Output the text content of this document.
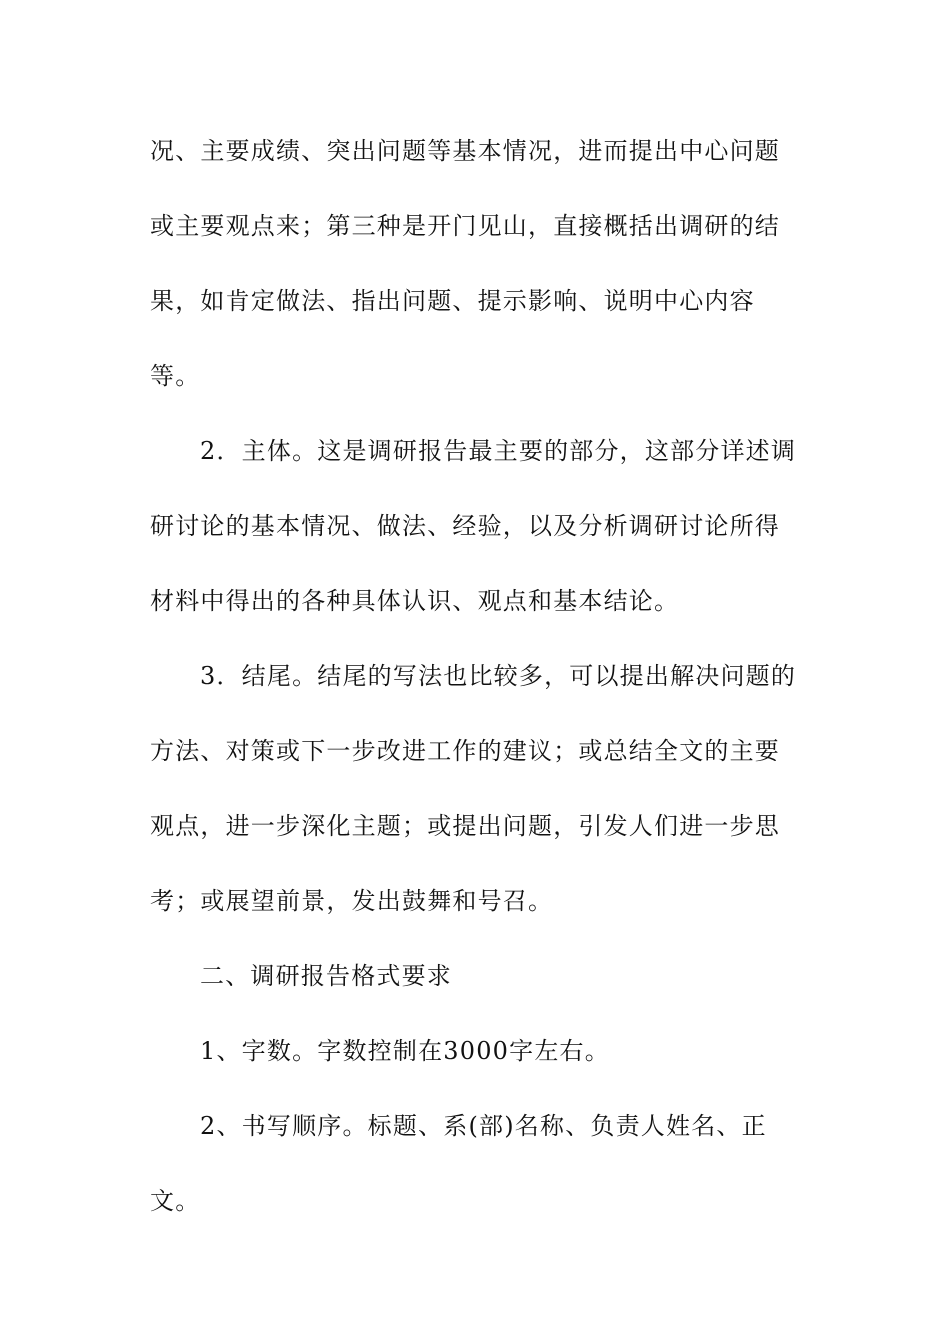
况、主要成绩、突出问题等基本情况，进而提出中心问题

或主要观点来；第三种是开门见山，直接概括出调研的结

果，如肯定做法、指出问题、提示影响、说明中心内容

等。

2．主体。这是调研报告最主要的部分，这部分详述调

研讨论的基本情况、做法、经验，以及分析调研讨论所得

材料中得出的各种具体认识、观点和基本结论。

3．结尾。结尾的写法也比较多，可以提出解决问题的

方法、对策或下一步改进工作的建议；或总结全文的主要

观点，进一步深化主题；或提出问题，引发人们进一步思

考；或展望前景，发出鼓舞和号召。

二、调研报告格式要求

1、字数。字数控制在3000字左右。

2、书写顺序。标题、系(部)名称、负责人姓名、正

文。
